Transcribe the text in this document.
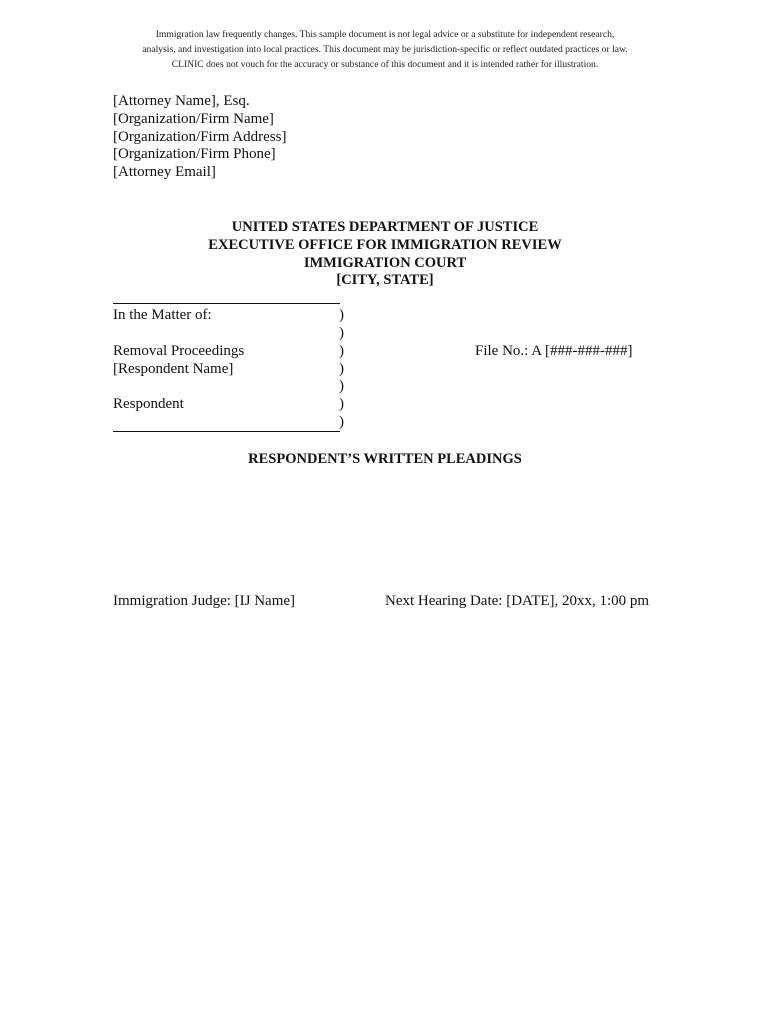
Immigration law frequently changes. This sample document is not legal advice or a substitute for independent research,
analysis, and investigation into local practices. This document may be jurisdiction-specific or reflect outdated practices or law.
CLINIC does not vouch for the accuracy or substance of this document and it is intended rather for illustration.
[Attorney Name], Esq.
[Organization/Firm Name]
[Organization/Firm Address]
[Organization/Firm Phone]
[Attorney Email]
UNITED STATES DEPARTMENT OF JUSTICE
EXECUTIVE OFFICE FOR IMMIGRATION REVIEW
IMMIGRATION COURT
[CITY, STATE]
In the Matter of:
Removal Proceedings
[Respondent Name]
Respondent
)
)
)
)
)
)
)
File No.: A [###-###-###]
RESPONDENT’S WRITTEN PLEADINGS
Immigration Judge: [IJ Name]	Next Hearing Date: [DATE], 20xx, 1:00 pm
